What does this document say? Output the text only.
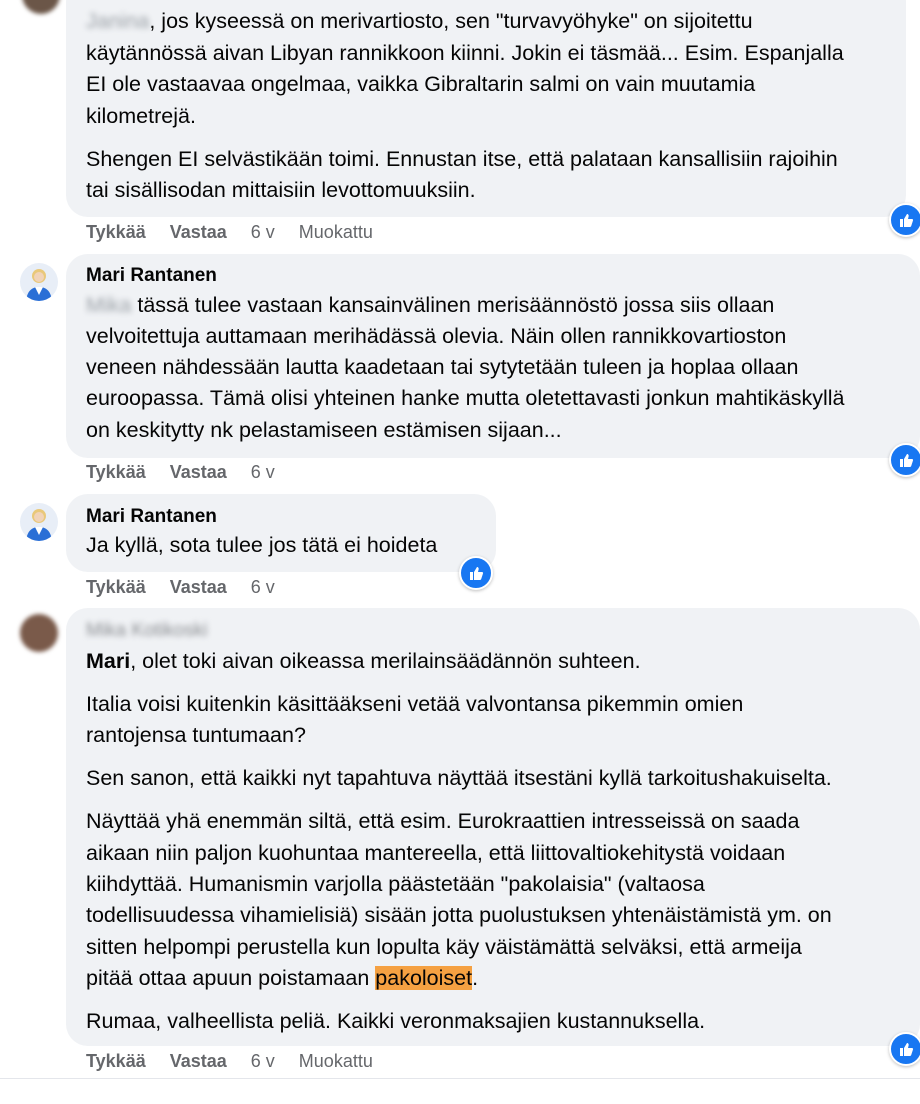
Janina, jos kyseessä on merivartiosto, sen "turvavyöhyke" on sijoitettu
käytännössä aivan Libyan rannikkoon kiinni. Jokin ei täsmää... Esim. Espanjalla
EI ole vastaavaa ongelmaa, vaikka Gibraltarin salmi on vain muutamia
kilometrejä.
Shengen EI selvästikään toimi. Ennustan itse, että palataan kansallisiin rajoihin
tai sisällisodan mittaisiin levottomuuksiin.
Tykkää Vastaa 6 v Muokattu
Mari Rantanen
Mika tässä tulee vastaan kansainvälinen merisäännöstö jossa siis ollaan
velvoitettuja auttamaan merihädässä olevia. Näin ollen rannikkovartioston
veneen nähdessään lautta kaadetaan tai sytytetään tuleen ja hoplaa ollaan
euroopassa. Tämä olisi yhteinen hanke mutta oletettavasti jonkun mahtikäskyllä
on keskitytty nk pelastamiseen estämisen sijaan...
Tykkää Vastaa 6 v
Mari Rantanen
Ja kyllä, sota tulee jos tätä ei hoideta
Tykkää Vastaa 6 v
Mika Kotikoski
Mari, olet toki aivan oikeassa merilainsäädännön suhteen.
Italia voisi kuitenkin käsittääkseni vetää valvontansa pikemmin omien
rantojensa tuntumaan?
Sen sanon, että kaikki nyt tapahtuva näyttää itsestäni kyllä tarkoitushakuiselta.
Näyttää yhä enemmän siltä, että esim. Eurokraattien intresseissä on saada
aikaan niin paljon kuohuntaa mantereella, että liittovaltiokehitystä voidaan
kiihdyttää. Humanismin varjolla päästetään "pakolaisia" (valtaosa
todellisuudessa vihamielisiä) sisään jotta puolustuksen yhtenäistämistä ym. on
sitten helpompi perustella kun lopulta käy väistämättä selväksi, että armeija
pitää ottaa apuun poistamaan pakoloiset.
Rumaa, valheellista peliä. Kaikki veronmaksajien kustannuksella.
Tykkää Vastaa 6 v Muokattu
